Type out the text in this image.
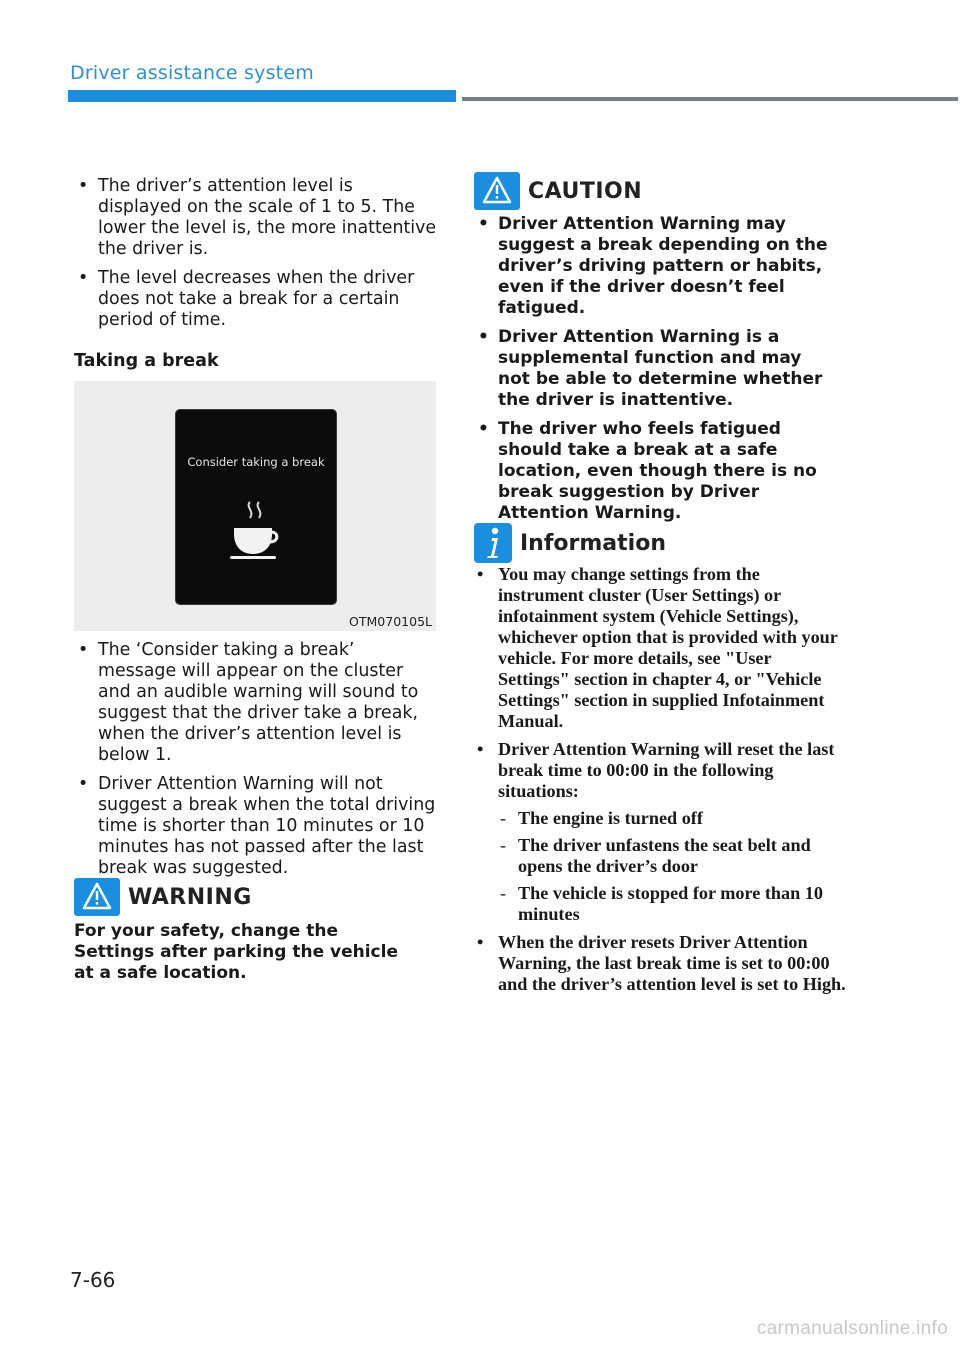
Driver assistance system
• The driver’s attention level is displayed on the scale of 1 to 5. The lower the level is, the more inattentive the driver is.
• The level decreases when the driver does not take a break for a certain period of time.
Taking a break
Consider taking a break
OTM070105L
• The ‘Consider taking a break’ message will appear on the cluster and an audible warning will sound to suggest that the driver take a break, when the driver’s attention level is below 1.
• Driver Attention Warning will not suggest a break when the total driving time is shorter than 10 minutes or 10 minutes has not passed after the last break was suggested.
WARNING
For your safety, change the Settings after parking the vehicle at a safe location.
CAUTION
• Driver Attention Warning may suggest a break depending on the driver’s driving pattern or habits, even if the driver doesn’t feel fatigued.
• Driver Attention Warning is a supplemental function and may not be able to determine whether the driver is inattentive.
• The driver who feels fatigued should take a break at a safe location, even though there is no break suggestion by Driver Attention Warning.
Information
• You may change settings from the instrument cluster (User Settings) or infotainment system (Vehicle Settings), whichever option that is provided with your vehicle. For more details, see "User Settings" section in chapter 4, or "Vehicle Settings" section in supplied Infotainment Manual.
• Driver Attention Warning will reset the last break time to 00:00 in the following situations:
- The engine is turned off
- The driver unfastens the seat belt and opens the driver’s door
- The vehicle is stopped for more than 10 minutes
• When the driver resets Driver Attention Warning, the last break time is set to 00:00 and the driver’s attention level is set to High.
7-66
carmanualsonline.info
